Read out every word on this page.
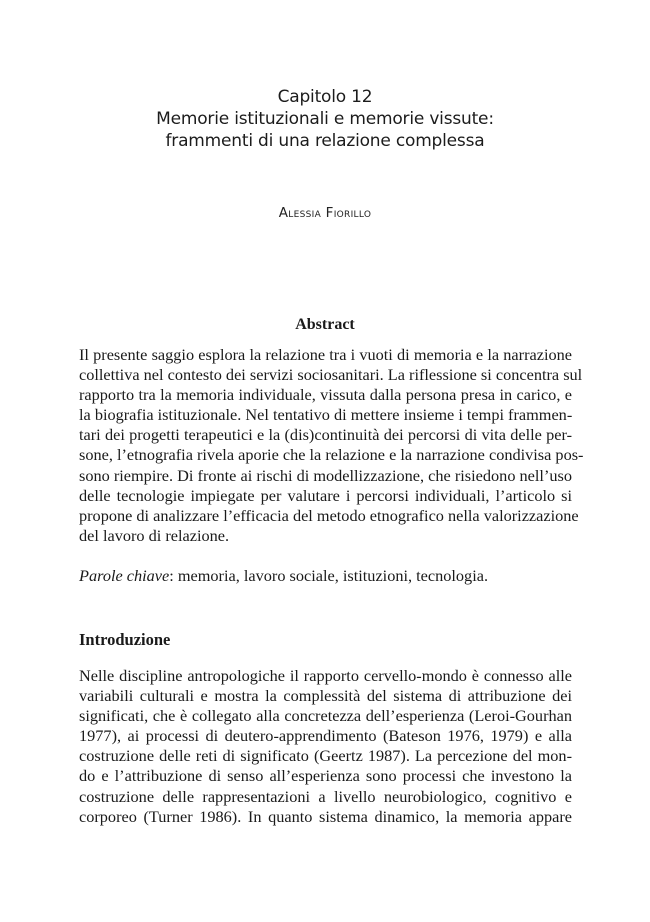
Capitolo 12
Memorie istituzionali e memorie vissute:
frammenti di una relazione complessa
Alessia Fiorillo
Abstract
Il presente saggio esplora la relazione tra i vuoti di memoria e la narrazione
collettiva nel contesto dei servizi sociosanitari. La riflessione si concentra sul
rapporto tra la memoria individuale, vissuta dalla persona presa in carico, e
la biografia istituzionale. Nel tentativo di mettere insieme i tempi frammen-
tari dei progetti terapeutici e la (dis)continuità dei percorsi di vita delle per-
sone, l’etnografia rivela aporie che la relazione e la narrazione condivisa pos-
sono riempire. Di fronte ai rischi di modellizzazione, che risiedono nell’uso
delle tecnologie impiegate per valutare i percorsi individuali, l’articolo si
propone di analizzare l’efficacia del metodo etnografico nella valorizzazione
del lavoro di relazione.
Parole chiave: memoria, lavoro sociale, istituzioni, tecnologia.
Introduzione
Nelle discipline antropologiche il rapporto cervello-mondo è connesso alle
variabili culturali e mostra la complessità del sistema di attribuzione dei
significati, che è collegato alla concretezza dell’esperienza (Leroi-Gourhan
1977), ai processi di deutero-apprendimento (Bateson 1976, 1979) e alla
costruzione delle reti di significato (Geertz 1987). La percezione del mon-
do e l’attribuzione di senso all’esperienza sono processi che investono la
costruzione delle rappresentazioni a livello neurobiologico, cognitivo e
corporeo (Turner 1986). In quanto sistema dinamico, la memoria appare
